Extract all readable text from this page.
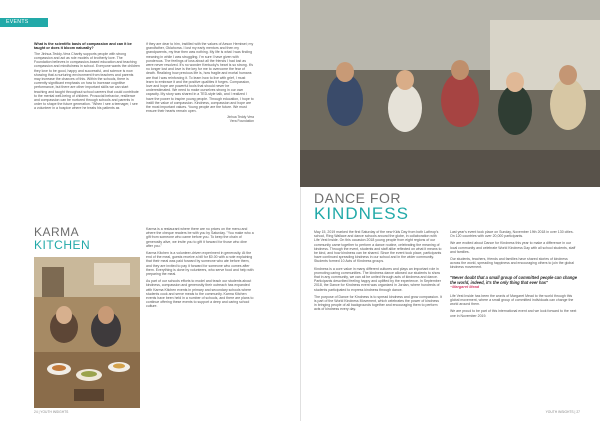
EVENTS
What is the scientific basis of compassion and can it be taught or does it bloom naturally?
The Jinhua-Teddy-Vera Charity supports people with strong compassion and act as role models of brotherly love. The Foundation believes in compassion-based education and teaching compassion and mindfulness in school. Everyone wants the children they love to be good, happy and successful, and science is now showing that a nurturing environment from teachers and parents may increase the chances of this. Within the schools, there is currently significant emphasis on how to increase cognitive performance, but there are other important skills we can start teaching and taught throughout school careers that could contribute to the mental well-being of children. Prosocial behavior, resilience and compassion can be nurtured through schools and parents in order to shape the future generation. "When I see a teenager, I see a volunteer in a hospice where he treats his patients as
if they are dear to him, instilled with the values of Aeson Hemiwei; my grandfather, Oklahoma. I lost my early mentors and then my grandparents, my fear then was nothing. My life is what I was finding meaning in while I was struggling. I'm sure I have given with ponderous. The feelings of loss about all the friends I had lost as were never resolved. It's no wonder Kentucky's heart is so strong. It's no longer lost and love is the key for me to overcome the fear of death. Realizing how precious life is, how fragile and mortal humans are that I was reinforcing it. To learn how to live with grief, I must learn to embrace it and the positive qualities it forges. Compassion, love and hope are powerful tools that should never be underestimated. We need to make ourselves strong in our own capacity. My story was shared in a TED-style talk, and I realized I have the power to inspire young people. Through education, I hope to instill the value of compassion. Kindness, compassion and hope are the most important values. Young people are the future. We must ensure their hearts remain open.
Jinhua Teddy Vera
Vera Foundation
KARMA
KITCHEN
Karma is a restaurant where there are no prices on the menu and where the cheque readers be with you by Saturday. "You make who a gift from someone who came before you. To keep the chain of generosity alive, we invite you to gift it forward for those who dine after you."
Karma Kitchen is a volunteer-driven experiment in generosity. At the end of the meal, guests receive a bill for $0.00 with a note explaining that their meal was paid forward by someone who ate before them, and they are invited to pay it forward for someone who comes after them. Everything is done by volunteers, who serve food and help with preparing the meal.
As part of our schools efforts to model and teach our students about kindness, compassion and generosity their outreach has expanded with Karma Kitchen events in primary and secondary schools where students cook and serve meals to the community. Karma Kitchen events have been held in a number of schools, and there are plans to continue offering these events to support a deep and caring school culture.
24 | YOUTH INSIGHTS
DANCE FOR
KINDNESS
May 15, 2019 marked the first Saturday of the new Kids Day from both Lathrop's school, Ring Wallace and dance schools around the globe, in collaboration with Life Vest Inside. On this occasion 2018 young people from eight regions of our community came together to perform a dance routine, celebrating the meaning of kindness. Through the event, students and staff alike reflected on what it means to be kind, and how kindness can be shared. Since the event took place, participants have continued spreading kindness in our school and in the wider community. Students formed 10 Acts of Kindness groups.
Kindness is a core value in many different cultures and plays an important role in promoting caring communities. The kindness dance allowed our students to show that in any community, we can all be united through acts of kindness and dance. Participants described feeling happy and uplifted by the experience. In September 2018, the Dance for Kindness event was organized in Jordan, where hundreds of students participated to express kindness through dance.
The purpose of Dance for Kindness is to spread kindness and grow compassion. It is part of the World Kindness Movement, which celebrates the power of kindness in bringing people of all backgrounds together and encouraging them to perform acts of kindness every day.
Last year's event took place on Sunday, November 19th 2018 in over 130 cities. On 120 countries with over 20,000 participants.
We are excited about Dance for Kindness this year to make a difference in our local community and celebrate World Kindness Day with all school students, staff and families.
Our students, teachers, friends and families have shared stories of kindness across the world, spreading happiness and encouraging others to join the global kindness movement.
"Never doubt that a small group of committed people can change the world, indeed, it's the only thing that ever has"
~Margaret Mead
Life Vest Inside has been the words of Margaret Mead to the world through this global movement, where a small group of committed individuals can change the world around them.
We are proud to be part of this international event and we look forward to the next one in November 2019.
YOUTH INSIGHTS | 27
